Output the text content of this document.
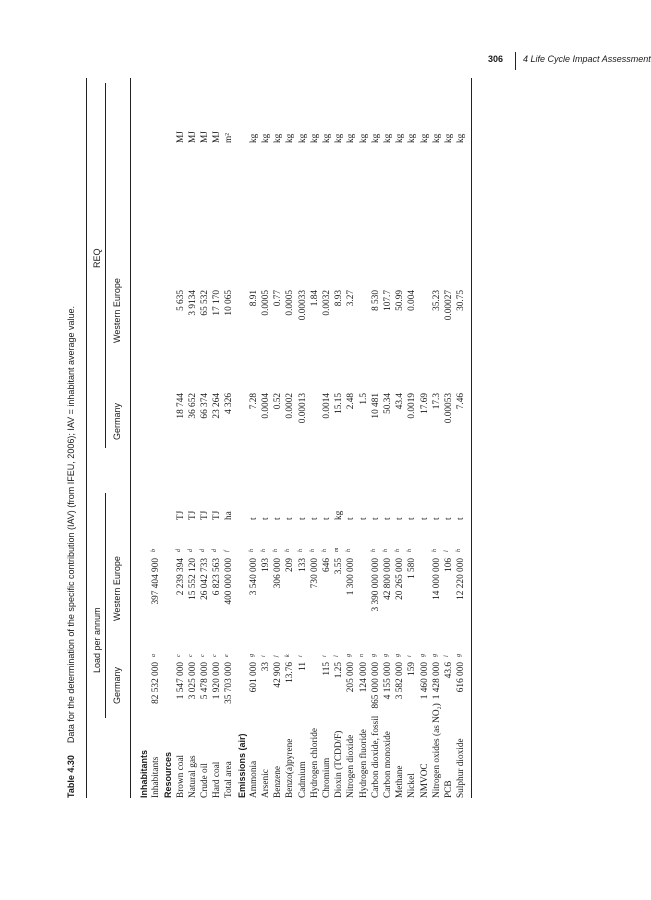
306 4 Life Cycle Impact Assessment
Table 4.30Data for the determination of the specific contribution (IAV) (from IFEU, 2006); IAV = inhabitant average value. Load per annum
REQ
Germany
Western Europe
Germany
Western Europe
Inhabitants Inhabitants
82 532 000
a
397 404 900
b
Resources Brown coal
1 547 000
c
2 239 394
d
TJ
18 744
5 635
MJ
Natural gas
3 025 000
c
15 552 120
d
TJ
36 652
3 9134
MJ
Crude oil
5 478 000
c
26 042 733
d
TJ
66 374
65 532
MJ
Hard coal
1 920 000
c
6 823 563
d
TJ
23 264
17 170
MJ
Total area
35 703 000
e
400 000 000
f
ha
4 326
10 065
m²
Emissions (air) Ammonia
601 000
g
3 540 000
h
t
7.28
8.91
kg
Arsenic
33
i
193
h
t
0.0004
0.0005
kg
Benzene
42 900
j
306 000
h
t
0.52
0.77
kg
Benzo(a)pyrene
13.76
k
209
h
t
0.0002
0.0005
kg
Cadmium
11
i
133
h
t
0.00013
0.00033
kg
Hydrogen chloride
730 000
h
t
1.84
kg
Chromium
115
i
646
h
t
0.0014
0.0032
kg
Dioxin (TCDD/F)
1.25
l
3.55
m
kg
15.15
8.93
kg
Nitrogen dioxide
205 000
g
1 300 000
h
t
2.48
3.27
kg
Hydrogen fluoride
124 000
n
t
1.5
kg
Carbon dioxide, fossil
865 000 000
g
3 390 000 000
h
t
10 481
8 530
kg
Carbon monoxide
4 155 000
g
42 800 000
h
t
50.34
107.7
kg
Methane
3 582 000
g
20 265 000
h
t
43.4
50.99
kg
Nickel
159
i
1 580
h
t
0.0019
0.004
kg
NMVOC
1 460 000
g
t
17.69
kg
Nitrogen oxides (as NO₂)
1 428 000
g
14 000 000
h
t
17.3
35.23
kg
PCB
43.6
l
106
l
t
0.00053
0.00027
kg
Sulphur dioxide
616 000
g
12 220 000
h
t
7.46
30.75
kg
